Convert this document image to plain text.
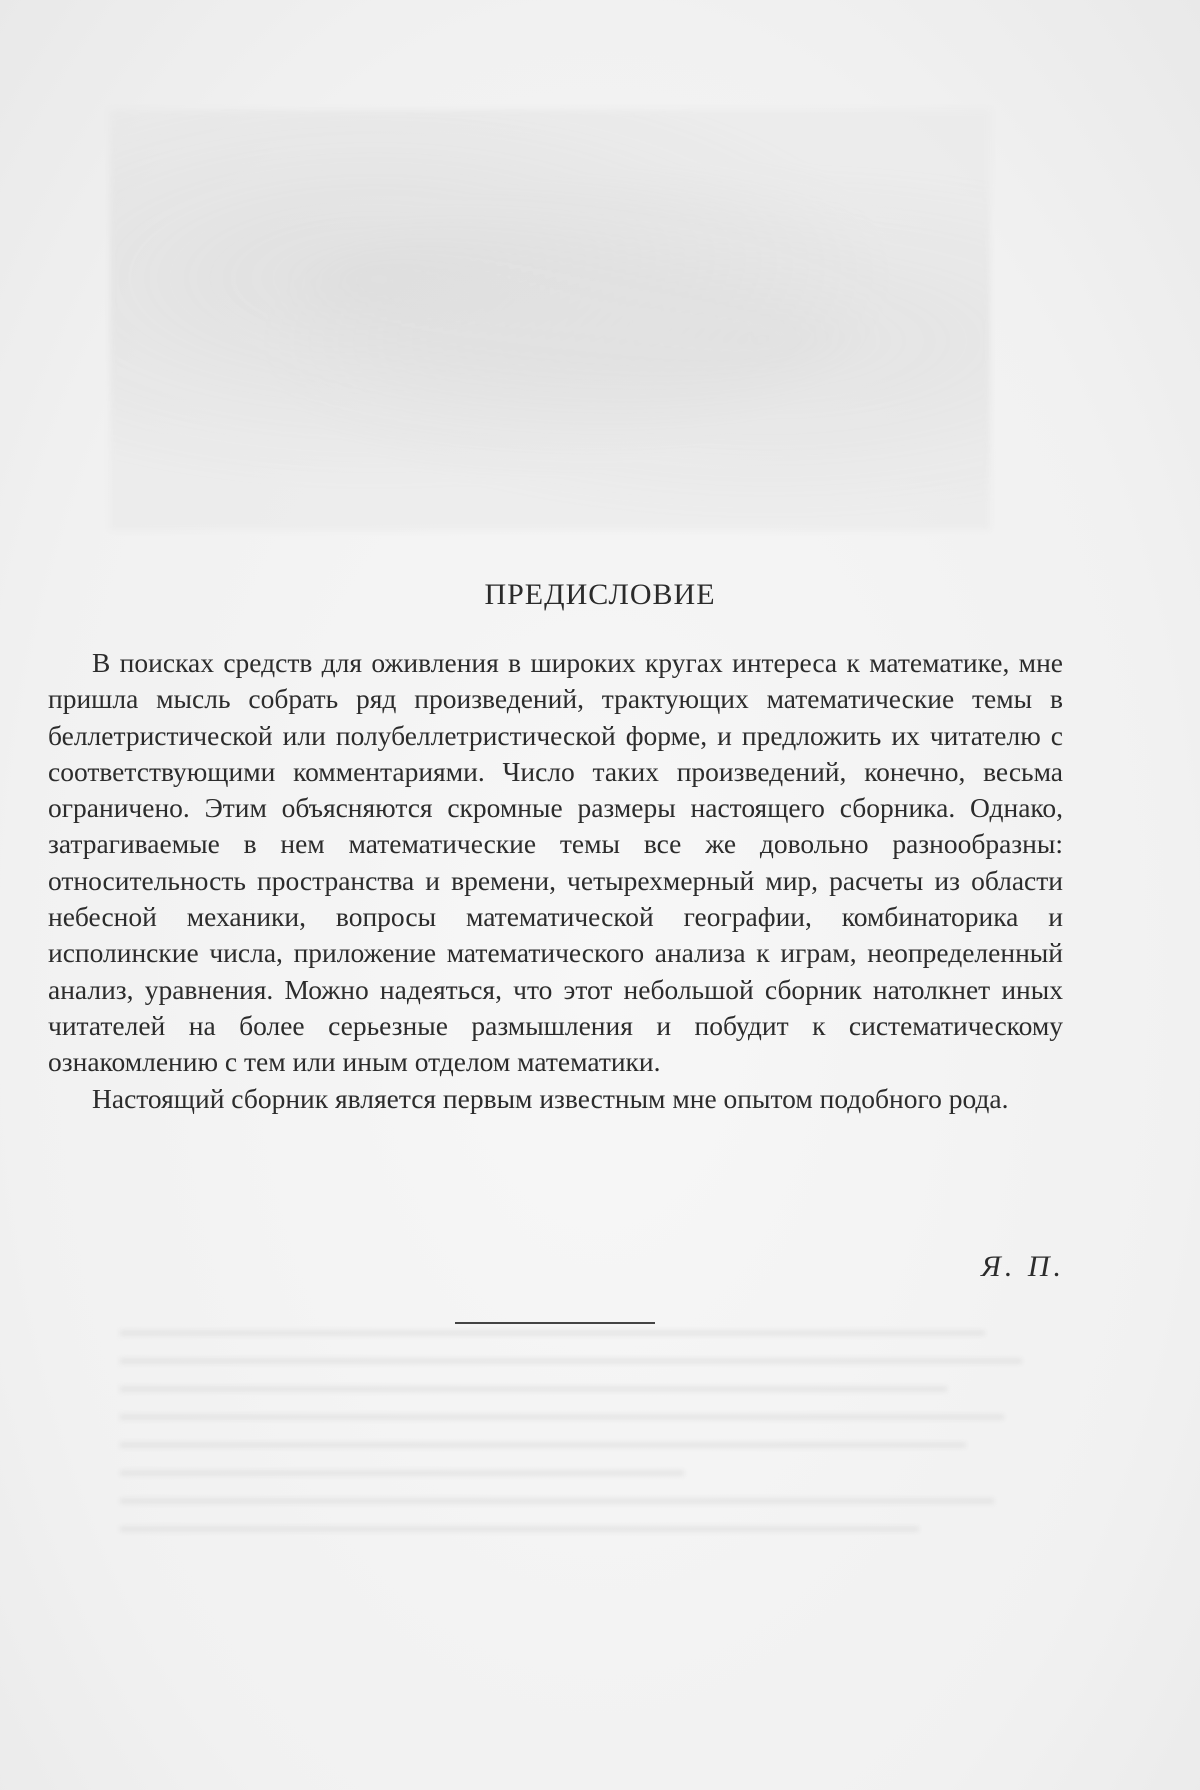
ПРЕДИСЛОВИЕ

В поисках средств для оживления в широких кругах интереса к математике, мне пришла мысль собрать ряд произведений, трактующих математические темы в беллетристической или полубеллетристической форме, и предложить их читателю с соответствующими комментариями. Число таких произведений, конечно, весьма ограничено. Этим объясняются скромные размеры настоящего сборника. Однако, затрагиваемые в нем математические темы все же довольно разнообразны: относительность пространства и времени, четырехмерный мир, расчеты из области небесной механики, вопросы математической географии, комбинаторика и исполинские числа, приложение математического анализа к играм, неопределенный анализ, уравнения. Можно надеяться, что этот небольшой сборник натолкнет иных читателей на более серьезные размышления и побудит к систематическому ознакомлению с тем или иным отделом математики.

Настоящий сборник является первым известным мне опытом подобного рода.

Я. П.
